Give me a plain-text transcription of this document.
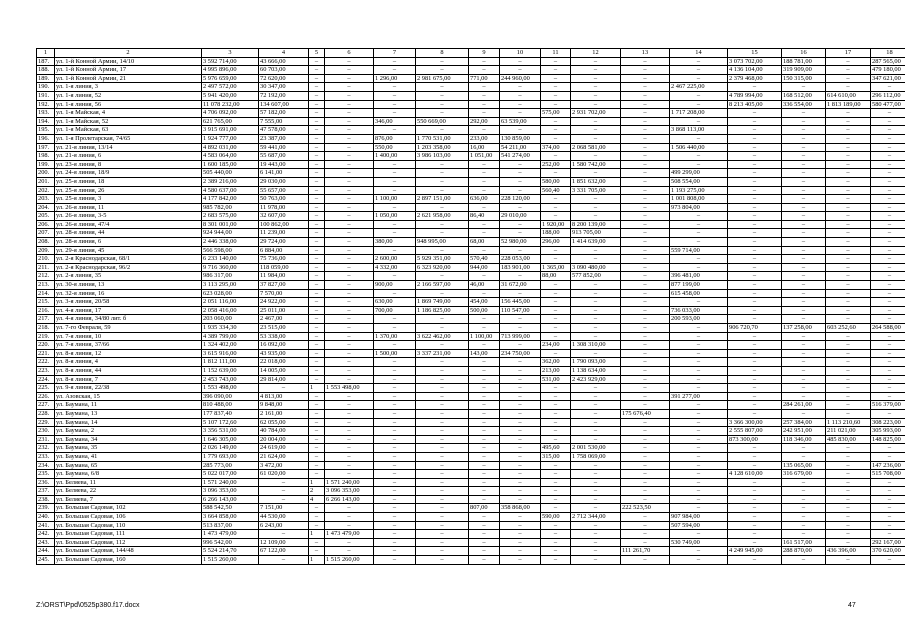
1	2	3	4	5	6	7	8	9	10	11	12	13	14	15	16	17	18
187.	ул. 1-й Конной Армии, 14/10	3 592 714,00	43 666,00	–	–	–	–	–	–	–	–	–	–	3 073 702,00	188 781,00	–	287 565,00
188.	ул. 1-й Конной Армии, 17	4 995 896,00	60 703,00	–	–	–	–	–	–	–	–	–	–	4 136 104,00	319 909,00	–	479 180,00
189.	ул. 1-й Конной Армии, 21	5 976 659,00	72 620,00	–	–	1 296,00	2 981 675,00	771,00	244 960,00	–	–	–	–	2 379 468,00	150 315,00	–	347 621,00
190.	ул. 1-я линия, 3	2 497 572,00	30 347,00	–	–	–	–	–	–	–	–	–	2 467 225,00	–	–	–	–
191.	ул. 1-я линия, 52	5 941 420,00	72 192,00	–	–	–	–	–	–	–	–	–	–	4 789 994,00	168 512,00	614 610,00	296 112,00
192.	ул. 1-я линия, 56	11 078 232,00	134 607,00	–	–	–	–	–	–	–	–	–	–	8 213 405,00	336 554,00	1 813 189,00	580 477,00
193.	ул. 1-я Майская, 4	4 706 092,00	57 182,00	–	–	–	–	–	–	575,00	2 931 702,00	–	1 717 208,00	–	–	–	–
194.	ул. 1-я Майская, 52	621 765,00	7 555,00	–	–	346,00	550 669,00	292,00	63 539,00	–	–	–	–	–	–	–	–
195.	ул. 1-я Майская, 63	3 915 691,00	47 578,00	–	–	–	–	–	–	–	–	–	3 868 113,00	–	–	–	–
196.	ул. 1-я Пролетарская, 74/65	1 924 777,00	23 387,00	–	–	876,00	1 770 531,00	233,00	130 859,00	–	–	–	–	–	–	–	–
197.	ул. 21-я линия, 13/14	4 892 031,00	59 441,00	–	–	550,00	1 203 358,00	16,00	54 211,00	374,00	2 068 581,00	–	1 506 440,00	–	–	–	–
198.	ул. 21-я линия, 6	4 583 064,00	55 687,00	–	–	1 400,00	3 986 103,00	1 051,00	541 274,00	–	–	–	–	–	–	–	–
199.	ул. 23-я линия, 8	1 600 185,00	19 443,00	–	–	–	–	–	–	252,00	1 580 742,00	–	–	–	–	–	–
200.	ул. 24-я линия, 18/9	505 440,00	6 141,00	–	–	–	–	–	–	–	–	–	499 299,00	–	–	–	–
201.	ул. 25-я линия, 18	2 389 216,00	29 030,00	–	–	–	–	–	–	580,00	1 851 632,00	–	508 554,00	–	–	–	–
202.	ул. 25-я линия, 26	4 580 637,00	55 657,00	–	–	–	–	–	–	560,40	3 331 705,00	–	1 193 275,00	–	–	–	–
203.	ул. 25-я линия, 3	4 177 842,00	50 763,00	–	–	1 100,00	2 897 151,00	636,00	228 120,00	–	–	–	1 001 808,00	–	–	–	–
204.	ул. 26-я линия, 11	985 782,00	11 978,00	–	–	–	–	–	–	–	–	–	973 804,00	–	–	–	–
205.	ул. 26-я линия, 3-5	2 683 575,00	32 607,00	–	–	1 050,00	2 621 958,00	86,40	29 010,00	–	–	–	–	–	–	–	–
206.	ул. 26-я линия, 47/4	8 301 001,00	100 862,00	–	–	–	–	–	–	1 920,00	8 200 139,00	–	–	–	–	–	–
207.	ул. 28-я линия, 44	924 944,00	11 239,00	–	–	–	–	–	–	188,00	913 705,00	–	–	–	–	–	–
208.	ул. 28-я линия, 6	2 446 338,00	29 724,00	–	–	380,00	948 995,00	68,00	52 980,00	296,00	1 414 639,00	–	–	–	–	–	–
209.	ул. 29-я линия, 45	566 598,00	6 884,00	–	–	–	–	–	–	–	–	–	559 714,00	–	–	–	–
210.	ул. 2-я Краснодарская, 68/1	6 233 140,00	75 736,00	–	–	2 600,00	5 929 351,00	570,40	228 053,00	–	–	–	–	–	–	–	–
211.	ул. 2-я Краснодарская, 96/2	9 716 360,00	118 059,00	–	–	4 332,00	6 323 920,00	944,00	183 901,00	1 365,00	3 090 480,00	–	–	–	–	–	–
212.	ул. 2-я линия, 35	986 317,00	11 984,00	–	–	–	–	–	–	88,00	577 852,00	–	396 481,00	–	–	–	–
213.	ул. 30-я линия, 13	3 113 295,00	37 827,00	–	–	900,00	2 166 597,00	46,00	31 672,00	–	–	–	877 199,00	–	–	–	–
214.	ул. 32-я линия, 16	623 028,00	7 570,00	–	–	–	–	–	–	–	–	–	615 458,00	–	–	–	–
215.	ул. 3-я линия, 20/58	2 051 116,00	24 922,00	–	–	630,00	1 869 749,00	454,00	156 445,00	–	–	–	–	–	–	–	–
216.	ул. 4-я линия, 17	2 058 416,00	25 011,00	–	–	700,00	1 186 825,00	500,00	110 547,00	–	–	–	736 033,00	–	–	–	–
217.	ул. 4-я линия, 34/80 лит. б	203 060,00	2 467,00	–	–	–	–	–	–	–	–	–	200 593,00	–	–	–	–
218.	ул. 7-го Февраля, 59	1 935 334,30	23 515,00	–	–	–	–	–	–	–	–	–	–	906 720,70	137 258,00	603 252,60	264 588,00
219.	ул. 7-я линия, 10	4 389 799,00	53 338,00	–	–	1 370,00	3 622 462,00	1 100,00	713 999,00	–	–	–	–	–	–	–	–
220.	ул. 7-я линия, 37/66	1 324 402,00	16 092,00	–	–	–	–	–	–	234,00	1 308 310,00	–	–	–	–	–	–
221.	ул. 8-я линия, 12	3 615 916,00	43 935,00	–	–	1 500,00	3 337 231,00	143,00	234 750,00	–	–	–	–	–	–	–	–
222.	ул. 8-я линия, 4	1 812 111,00	22 018,00	–	–	–	–	–	–	362,00	1 790 093,00	–	–	–	–	–	–
223.	ул. 8-я линия, 44	1 152 639,00	14 005,00	–	–	–	–	–	–	213,00	1 138 634,00	–	–	–	–	–	–
224.	ул. 8-я линия, 7	2 453 743,00	29 814,00	–	–	–	–	–	–	531,00	2 423 929,00	–	–	–	–	–	–
225.	ул. 9-я линия, 22/38	1 553 498,00	–	1	1 553 498,00	–	–	–	–	–	–	–	–	–	–	–	–
226.	ул. Азовская, 15	396 090,00	4 813,00	–	–	–	–	–	–	–	–	–	391 277,00	–	–	–	–
227.	ул. Баумана, 11	810 488,00	9 848,00	–	–	–	–	–	–	–	–	–	–	–	284 261,00	–	516 379,00
228.	ул. Баумана, 13	177 837,40	2 161,00	–	–	–	–	–	–	–	–	175 676,40	–	–	–	–	–
229.	ул. Баумана, 14	5 107 172,60	62 055,00	–	–	–	–	–	–	–	–	–	–	3 366 300,00	257 384,00	1 113 210,60	308 223,00
230.	ул. Баумана, 2	3 356 531,00	40 784,00	–	–	–	–	–	–	–	–	–	–	2 555 807,00	242 951,00	211 021,00	305 993,00
231.	ул. Баумана, 34	1 646 305,00	20 004,00	–	–	–	–	–	–	–	–	–	–	873 300,00	118 346,00	485 830,00	148 825,00
232.	ул. Баумана, 35	2 026 149,00	24 619,00	–	–	–	–	–	–	495,60	2 001 530,00	–	–	–	–	–	–
233.	ул. Баумана, 41	1 779 693,00	21 624,00	–	–	–	–	–	–	315,00	1 758 069,00	–	–	–	–	–	–
234.	ул. Баумана, 65	285 773,00	3 472,00	–	–	–	–	–	–	–	–	–	–	–	135 065,00	–	147 236,00
235.	ул. Баумана, 6/8	5 022 017,00	61 020,00	–	–	–	–	–	–	–	–	–	–	4 128 610,00	316 679,00	–	515 708,00
236.	ул. Беляева, 11	1 571 240,00	–	1	1 571 240,00	–	–	–	–	–	–	–	–	–	–	–	–
237.	ул. Беляева, 22	3 096 353,00	–	2	3 096 353,00	–	–	–	–	–	–	–	–	–	–	–	–
238.	ул. Беляева, 7	6 266 143,00	–	4	6 266 143,00	–	–	–	–	–	–	–	–	–	–	–	–
239.	ул. Большая Садовая, 102	588 542,50	7 151,00	–	–	–	–	807,00	358 868,00	–	–	222 523,50	–	–	–	–	–
240.	ул. Большая Садовая, 106	3 664 858,00	44 530,00	–	–	–	–	–	–	590,00	2 712 344,00	–	907 984,00	–	–	–	–
241.	ул. Большая Садовая, 110	513 837,00	6 243,00	–	–	–	–	–	–	–	–	–	507 594,00	–	–	–	–
242.	ул. Большая Садовая, 111	1 473 479,00	–	1	1 473 479,00	–	–	–	–	–	–	–	–	–	–	–	–
243.	ул. Большая Садовая, 112	996 542,00	12 109,00	–	–	–	–	–	–	–	–	–	530 749,00	–	161 517,00	–	292 167,00
244.	ул. Большая Садовая, 144/48	5 524 214,70	67 122,00	–	–	–	–	–	–	–	–	111 261,70	–	4 249 945,00	288 870,00	436 396,00	370 620,00
245.	ул. Большая Садовая, 160	1 515 260,00	–	1	1 515 260,00	–	–	–	–	–	–	–	–	–	–	–	–
Z:\ORST\Ppd\0525p380.f17.docx	47
